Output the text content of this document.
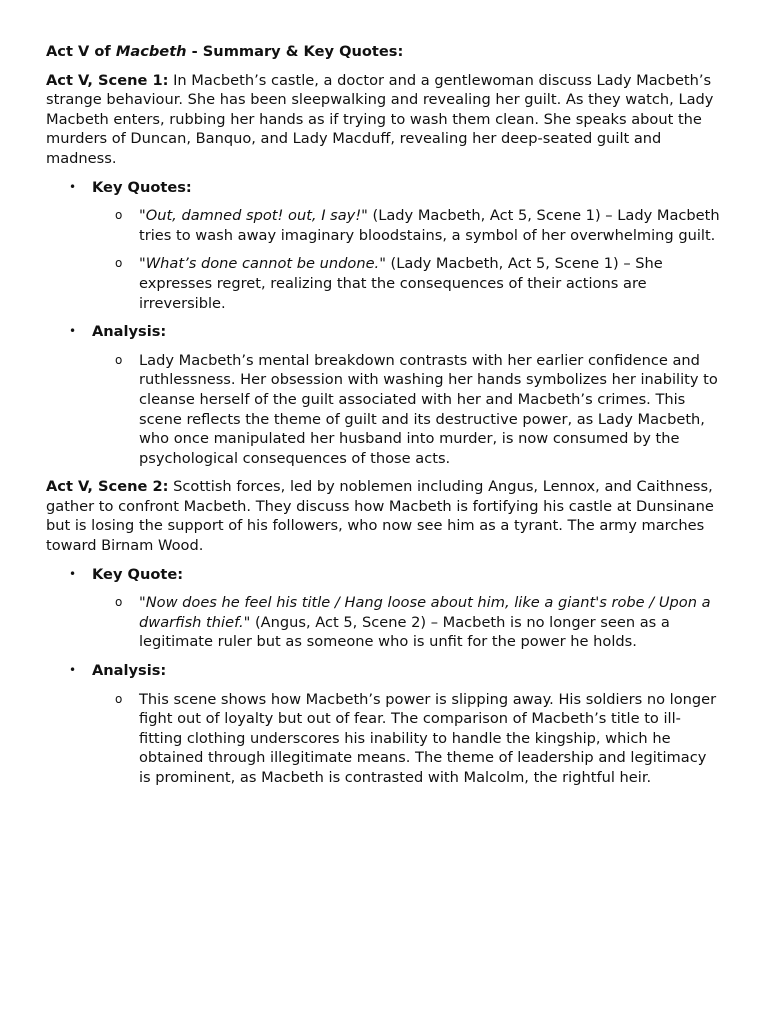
Act V of Macbeth - Summary & Key Quotes:

Act V, Scene 1: In Macbeth’s castle, a doctor and a gentlewoman discuss Lady Macbeth’s strange behaviour. She has been sleepwalking and revealing her guilt. As they watch, Lady Macbeth enters, rubbing her hands as if trying to wash them clean. She speaks about the murders of Duncan, Banquo, and Lady Macduff, revealing her deep-seated guilt and madness.

• Key Quotes:
o "Out, damned spot! out, I say!" (Lady Macbeth, Act 5, Scene 1) – Lady Macbeth tries to wash away imaginary bloodstains, a symbol of her overwhelming guilt.
o "What’s done cannot be undone." (Lady Macbeth, Act 5, Scene 1) – She expresses regret, realizing that the consequences of their actions are irreversible.
• Analysis:
o Lady Macbeth’s mental breakdown contrasts with her earlier confidence and ruthlessness. Her obsession with washing her hands symbolizes her inability to cleanse herself of the guilt associated with her and Macbeth’s crimes. This scene reflects the theme of guilt and its destructive power, as Lady Macbeth, who once manipulated her husband into murder, is now consumed by the psychological consequences of those acts.

Act V, Scene 2: Scottish forces, led by noblemen including Angus, Lennox, and Caithness, gather to confront Macbeth. They discuss how Macbeth is fortifying his castle at Dunsinane but is losing the support of his followers, who now see him as a tyrant. The army marches toward Birnam Wood.

• Key Quote:
o "Now does he feel his title / Hang loose about him, like a giant's robe / Upon a dwarfish thief." (Angus, Act 5, Scene 2) – Macbeth is no longer seen as a legitimate ruler but as someone who is unfit for the power he holds.
• Analysis:
o This scene shows how Macbeth’s power is slipping away. His soldiers no longer fight out of loyalty but out of fear. The comparison of Macbeth’s title to ill-fitting clothing underscores his inability to handle the kingship, which he obtained through illegitimate means. The theme of leadership and legitimacy is prominent, as Macbeth is contrasted with Malcolm, the rightful heir.
